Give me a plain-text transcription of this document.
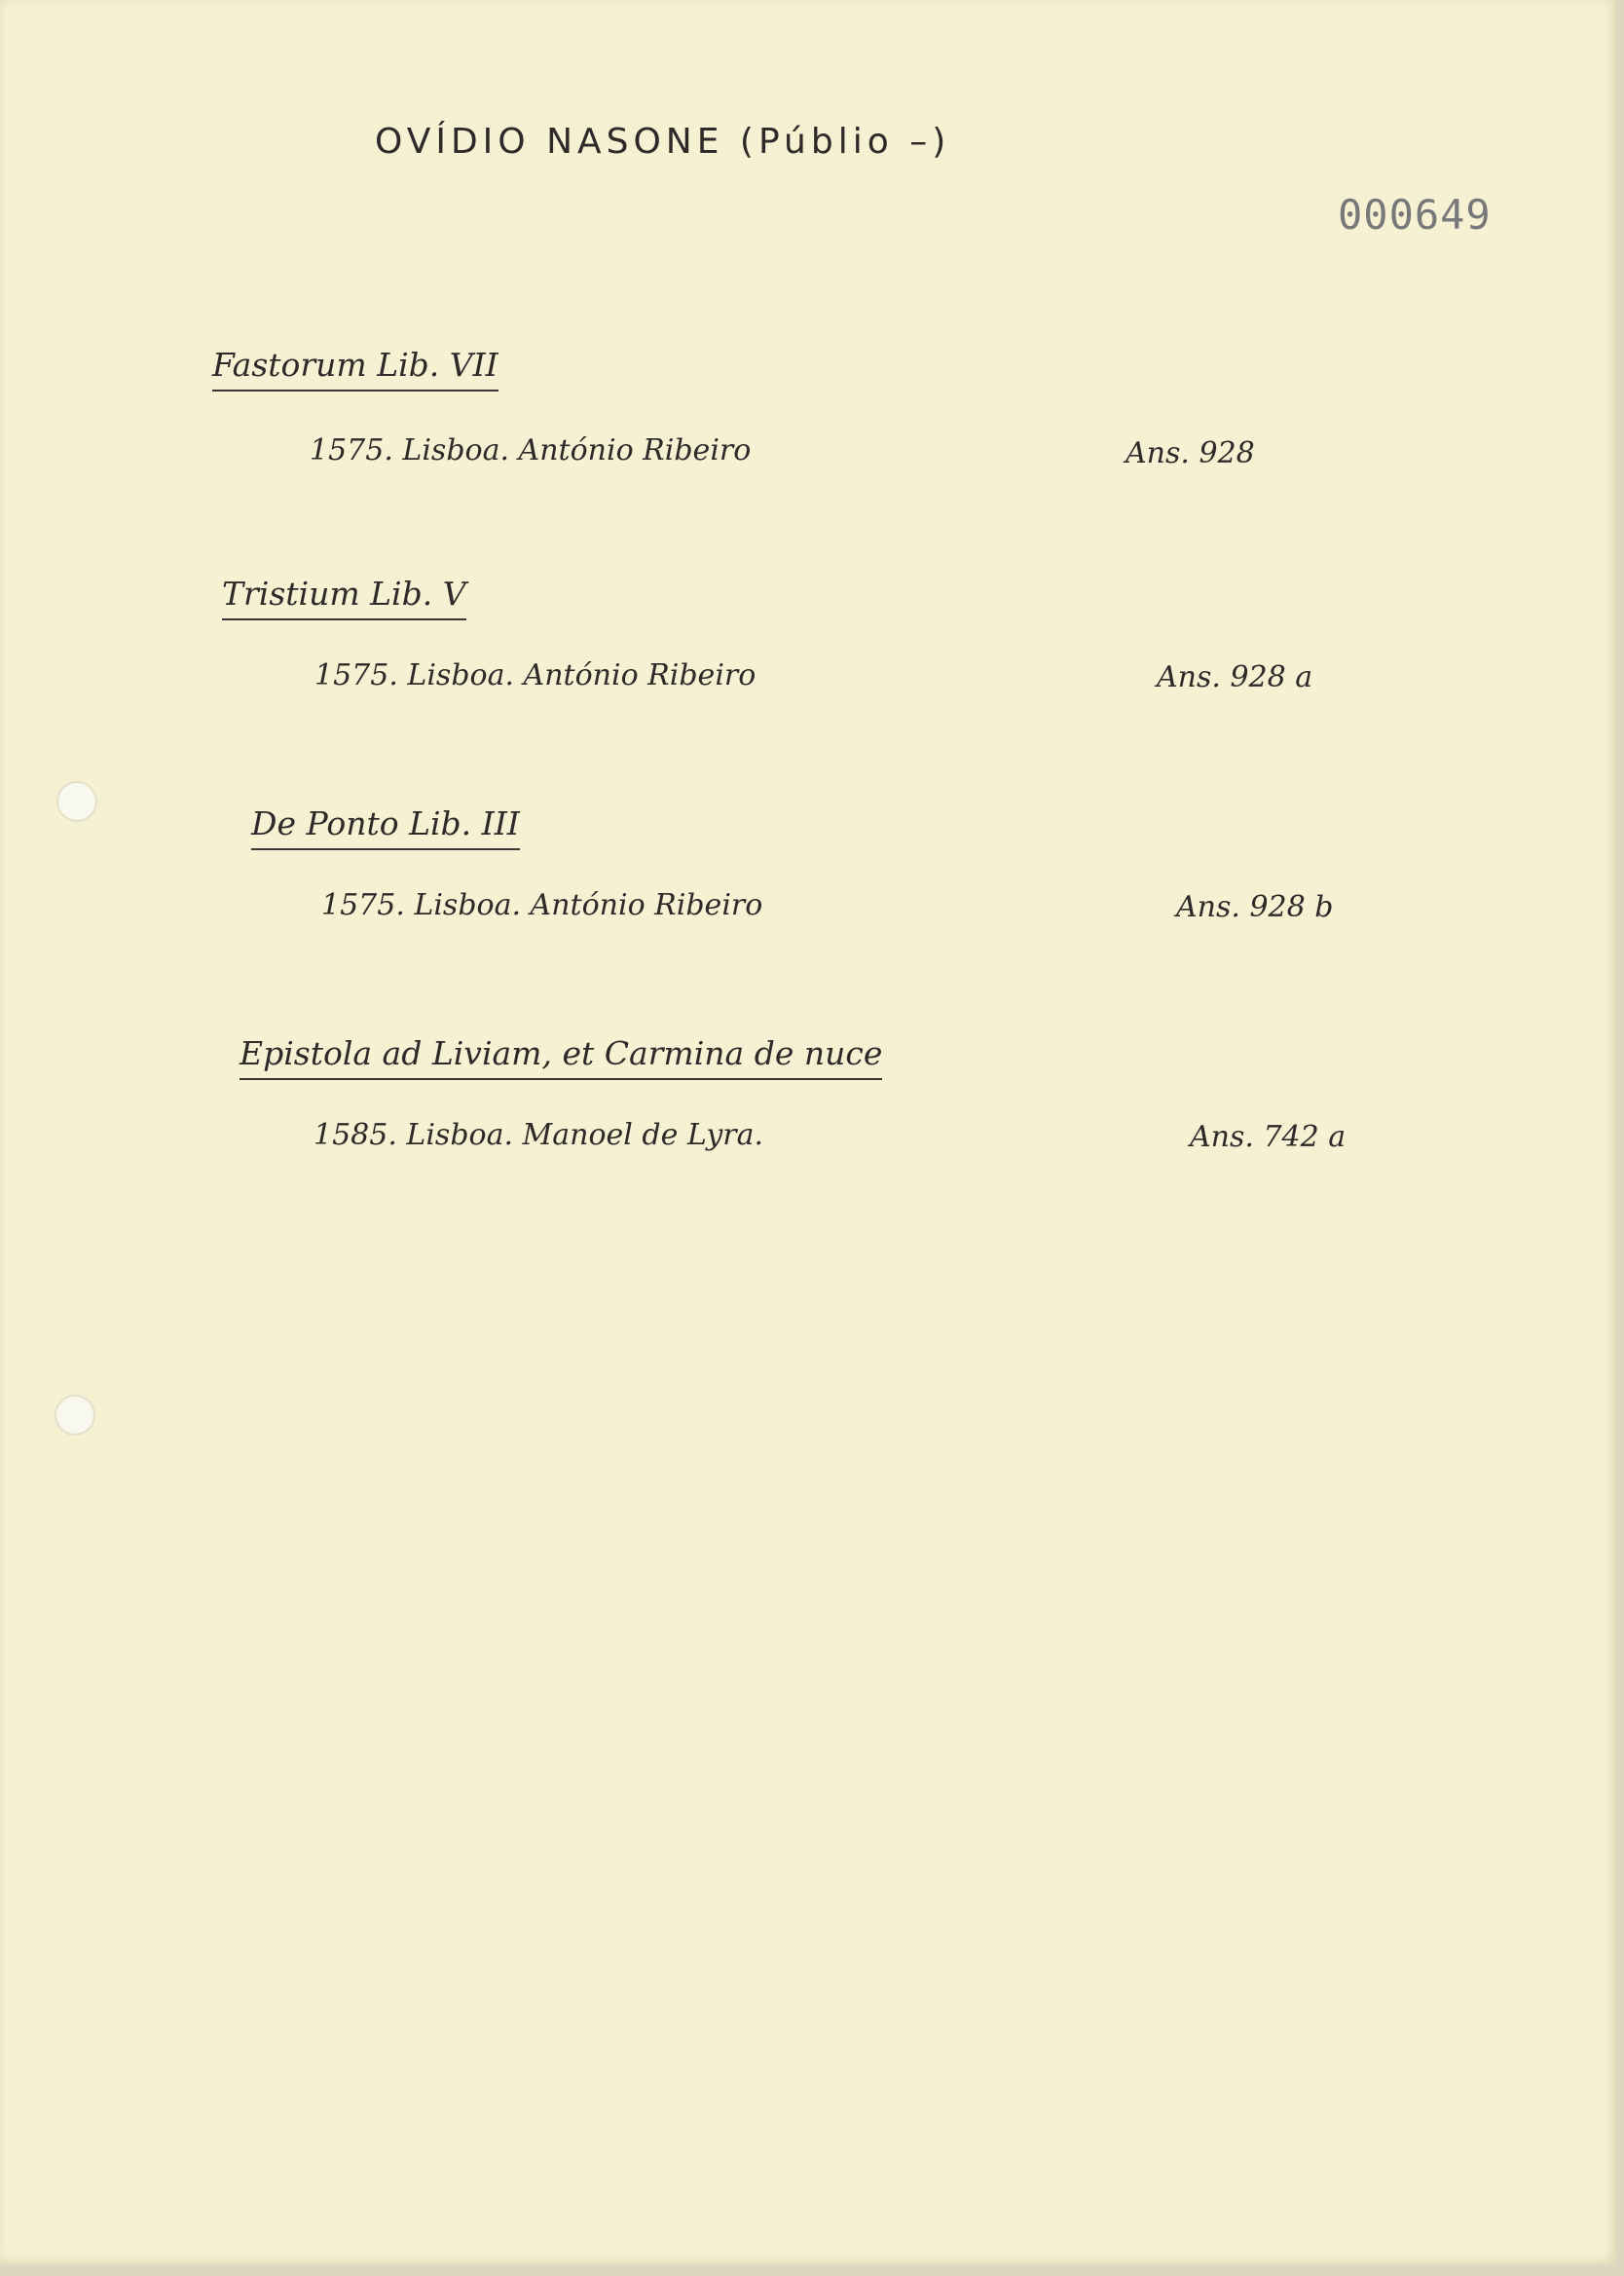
OVÍDIO NASONE (Públio –)
000649
Fastorum Lib. VII
1575. Lisboa. António Ribeiro	Ans. 928
Tristium Lib. V
1575. Lisboa. António Ribeiro	Ans. 928 a
De Ponto Lib. III
1575. Lisboa. António Ribeiro	Ans. 928 b
Epistola ad Liviam, et Carmina de nuce
1585. Lisboa. Manoel de Lyra.	Ans. 742 a
